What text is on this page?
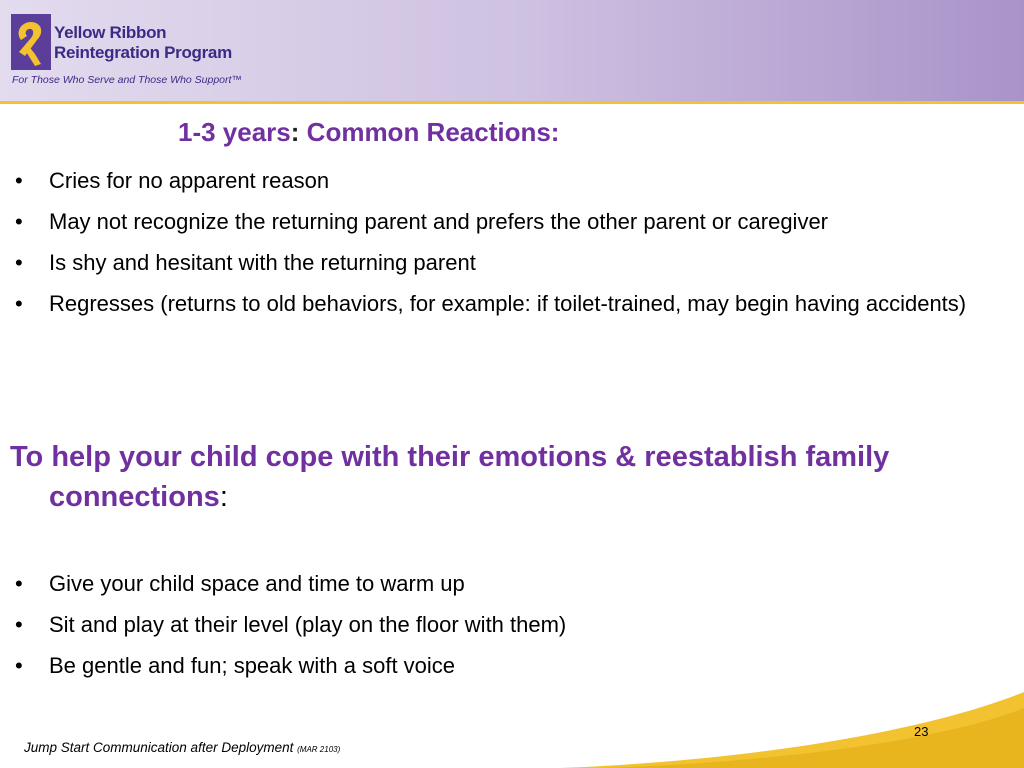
Yellow Ribbon
Reintegration Program
For Those Who Serve and Those Who Support™
1-3 years: Common Reactions:
• Cries for no apparent reason
• May not recognize the returning parent and prefers the other parent or caregiver
• Is shy and hesitant with the returning parent
• Regresses (returns to old behaviors, for example: if toilet-trained, may begin having accidents)

To help your child cope with their emotions & reestablish family connections:

• Give your child space and time to warm up
• Sit and play at their level (play on the floor with them)
• Be gentle and fun; speak with a soft voice
23
Jump Start Communication after Deployment (MAR 2103)
